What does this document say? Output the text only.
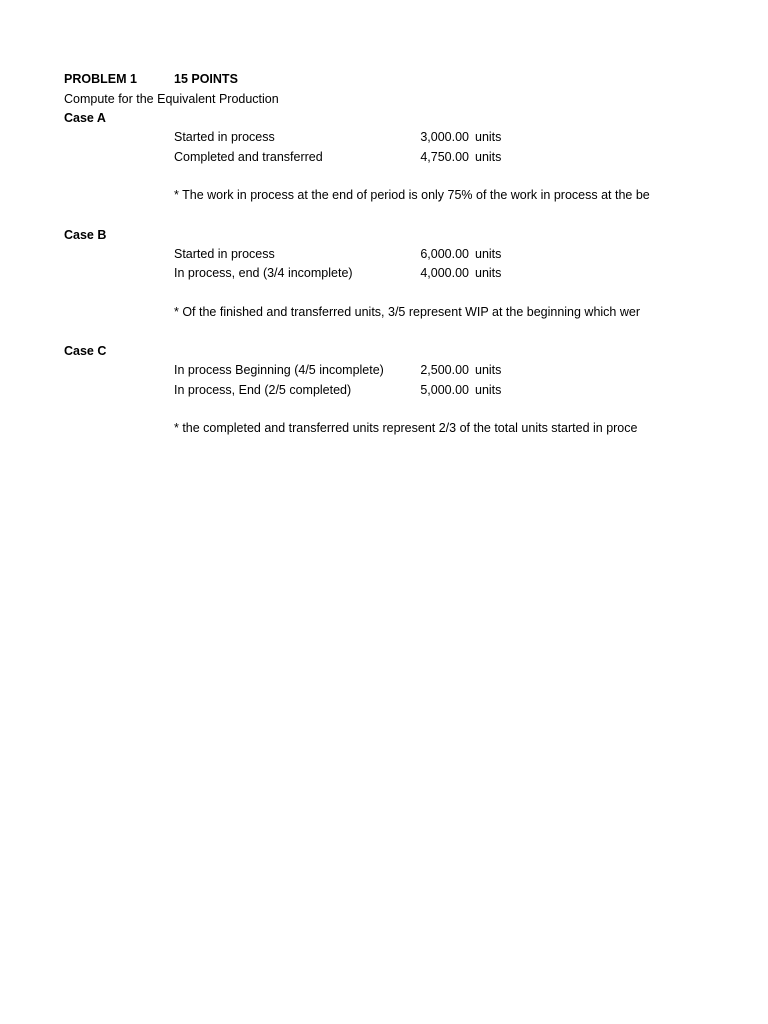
PROBLEM 1	15 POINTS
Compute for the Equivalent Production
Case A
Started in process	3,000.00 units
Completed and transferred	4,750.00 units
* The work in process at the end of period is only 75% of the work in process at the be
Case B
Started in process	6,000.00 units
In process, end (3/4 incomplete)	4,000.00 units
* Of the finished and transferred units, 3/5 represent WIP at the beginning which wer
Case C
In process Beginning (4/5 incomplete)	2,500.00 units
In process, End (2/5 completed)	5,000.00 units
* the completed and transferred units represent 2/3 of the total units started in proce
